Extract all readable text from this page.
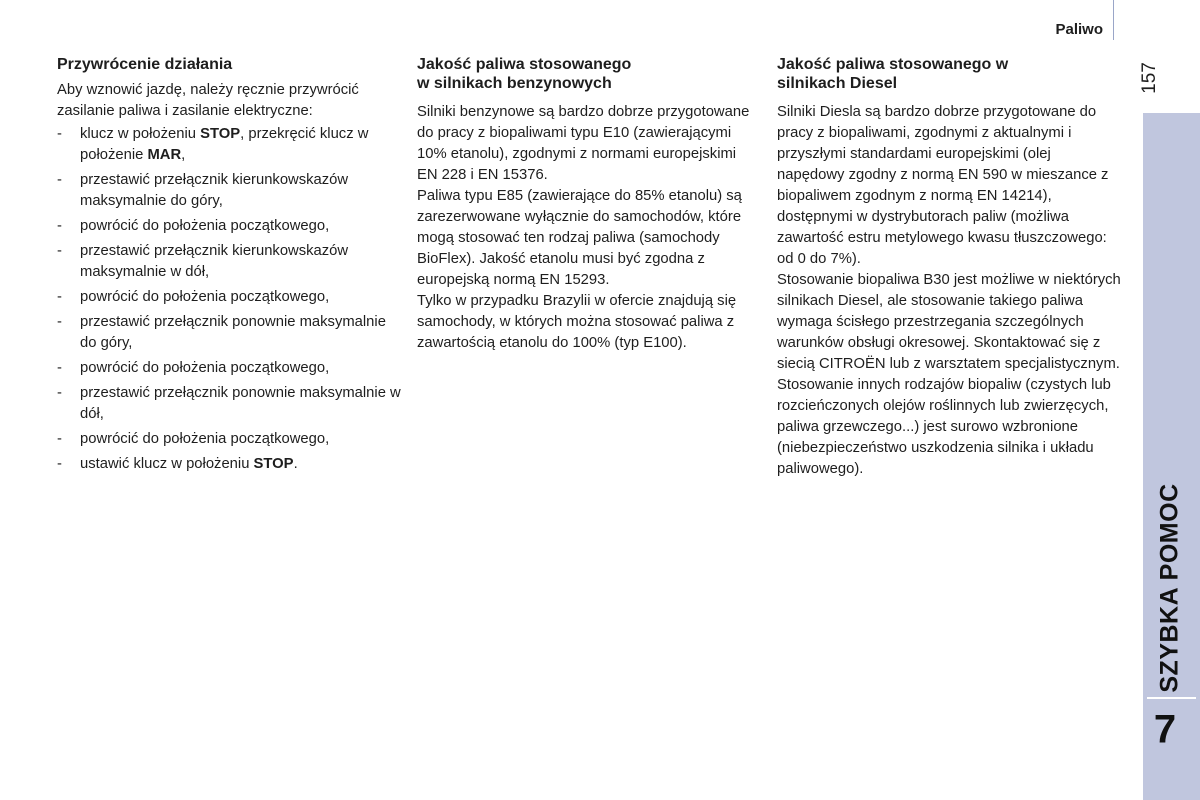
Paliwo
157
SZYBKA POMOC
7
Przywrócenie działania

Aby wznowić jazdę, należy ręcznie przywrócić zasilanie paliwa i zasilanie elektryczne:

- klucz w położeniu STOP, przekręcić klucz w położenie MAR,
- przestawić przełącznik kierunkowskazów maksymalnie do góry,
- powrócić do położenia początkowego,
- przestawić przełącznik kierunkowskazów maksymalnie w dół,
- powrócić do położenia początkowego,
- przestawić przełącznik ponownie maksymalnie do góry,
- powrócić do położenia początkowego,
- przestawić przełącznik ponownie maksymalnie w dół,
- powrócić do położenia początkowego,
- ustawić klucz w położeniu STOP.
Jakość paliwa stosowanego
w silnikach benzynowych

Silniki benzynowe są bardzo dobrze przygotowane do pracy z biopaliwami typu E10 (zawierającymi 10% etanolu), zgodnymi z normami europejskimi EN 228 i EN 15376.

Paliwa typu E85 (zawierające do 85% etanolu) są zarezerwowane wyłącznie do samochodów, które mogą stosować ten rodzaj paliwa (samochody BioFlex). Jakość etanolu musi być zgodna z europejską normą EN 15293.

Tylko w przypadku Brazylii w ofercie znajdują się samochody, w których można stosować paliwa z zawartością etanolu do 100% (typ E100).

Jakość paliwa stosowanego w
silnikach Diesel

Silniki Diesla są bardzo dobrze przygotowane do pracy z biopaliwami, zgodnymi z aktualnymi i przyszłymi standardami europejskimi (olej napędowy zgodny z normą EN 590 w mieszance z biopaliwem zgodnym z normą EN 14214), dostępnymi w dystrybutorach paliw (możliwa zawartość estru metylowego kwasu tłuszczowego: od 0 do 7%).

Stosowanie biopaliwa B30 jest możliwe w niektórych silnikach Diesel, ale stosowanie takiego paliwa wymaga ścisłego przestrzegania szczególnych warunków obsługi okresowej. Skontaktować się z siecią CITROËN lub z warsztatem specjalistycznym.

Stosowanie innych rodzajów biopaliw (czystych lub rozcieńczonych olejów roślinnych lub zwierzęcych, paliwa grzewczego...) jest surowo wzbronione (niebezpieczeństwo uszkodzenia silnika i układu paliwowego).
